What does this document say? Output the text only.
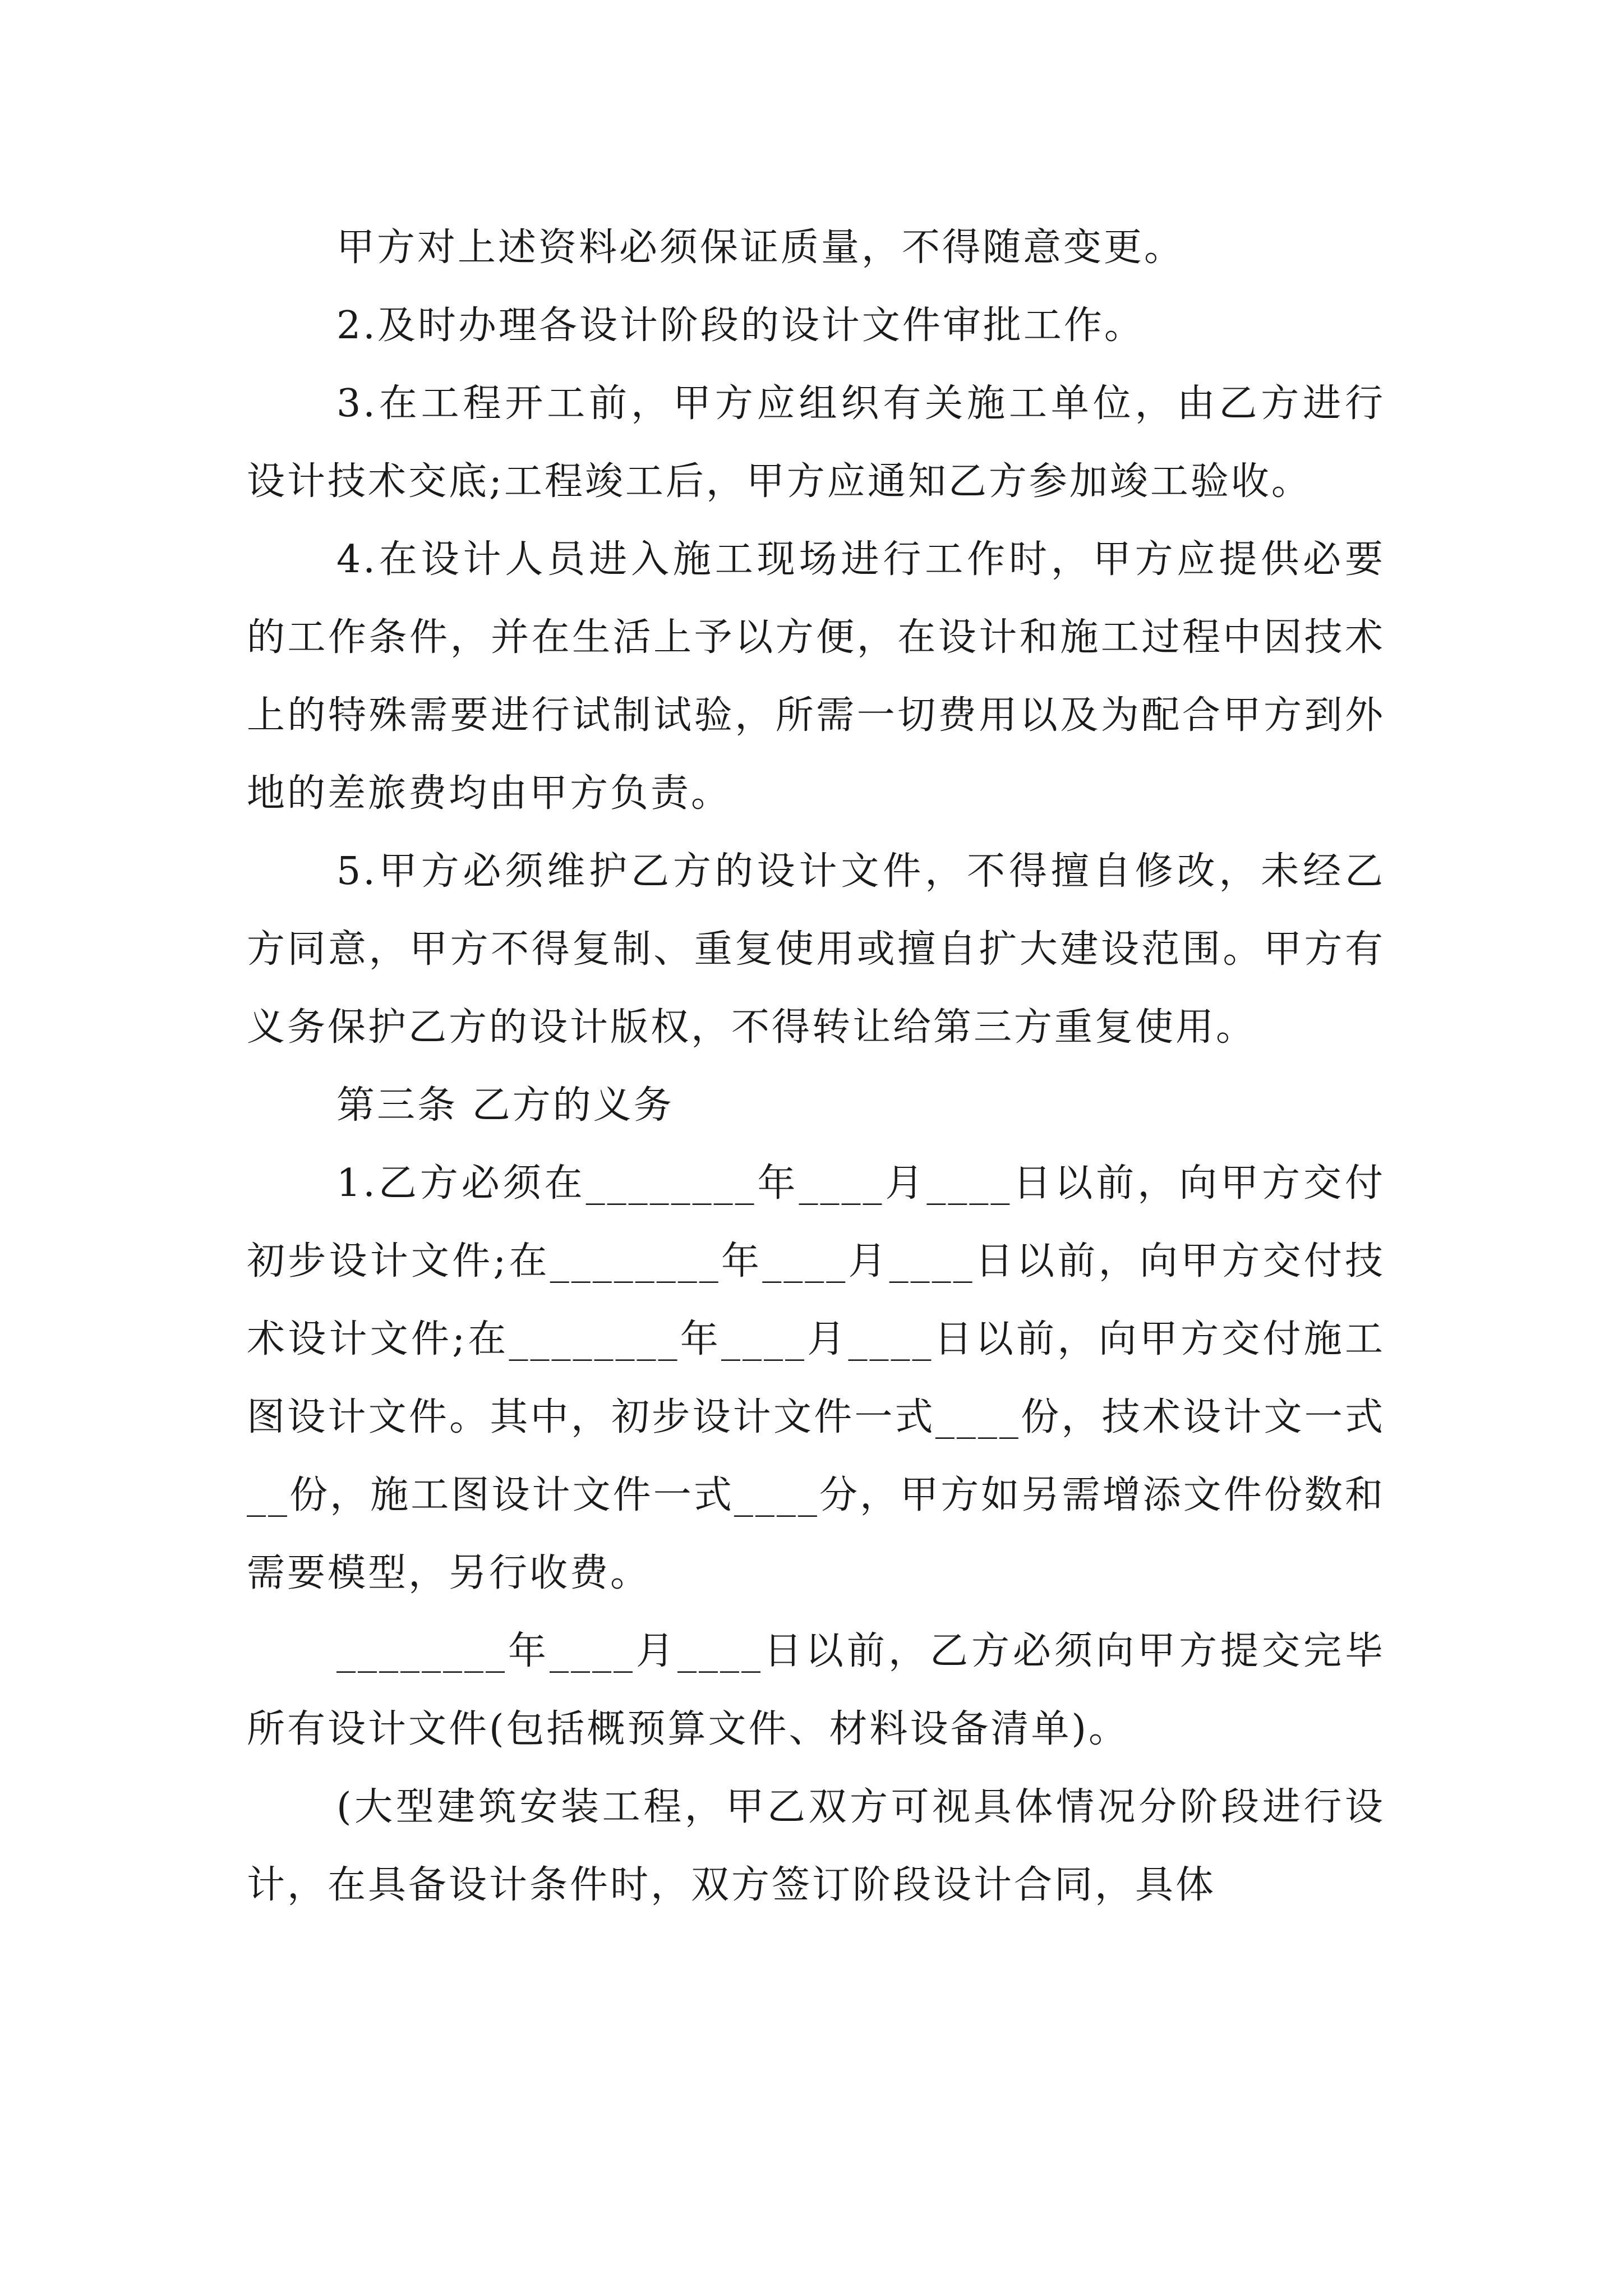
甲方对上述资料必须保证质量，不得随意变更。

2.及时办理各设计阶段的设计文件审批工作。

3.在工程开工前，甲方应组织有关施工单位，由乙方进行设计技术交底;工程竣工后，甲方应通知乙方参加竣工验收。

4.在设计人员进入施工现场进行工作时，甲方应提供必要的工作条件，并在生活上予以方便，在设计和施工过程中因技术上的特殊需要进行试制试验，所需一切费用以及为配合甲方到外地的差旅费均由甲方负责。

5.甲方必须维护乙方的设计文件，不得擅自修改，未经乙方同意，甲方不得复制、重复使用或擅自扩大建设范围。甲方有义务保护乙方的设计版权，不得转让给第三方重复使用。

第三条 乙方的义务

1.乙方必须在________年____月____日以前，向甲方交付初步设计文件;在________年____月____日以前，向甲方交付技术设计文件;在________年____月____日以前，向甲方交付施工图设计文件。其中，初步设计文件一式____份，技术设计文一式__份，施工图设计文件一式____分，甲方如另需增添文件份数和需要模型，另行收费。

________年____月____日以前，乙方必须向甲方提交完毕所有设计文件(包括概预算文件、材料设备清单)。

(大型建筑安装工程，甲乙双方可视具体情况分阶段进行设计，在具备设计条件时，双方签订阶段设计合同，具体
